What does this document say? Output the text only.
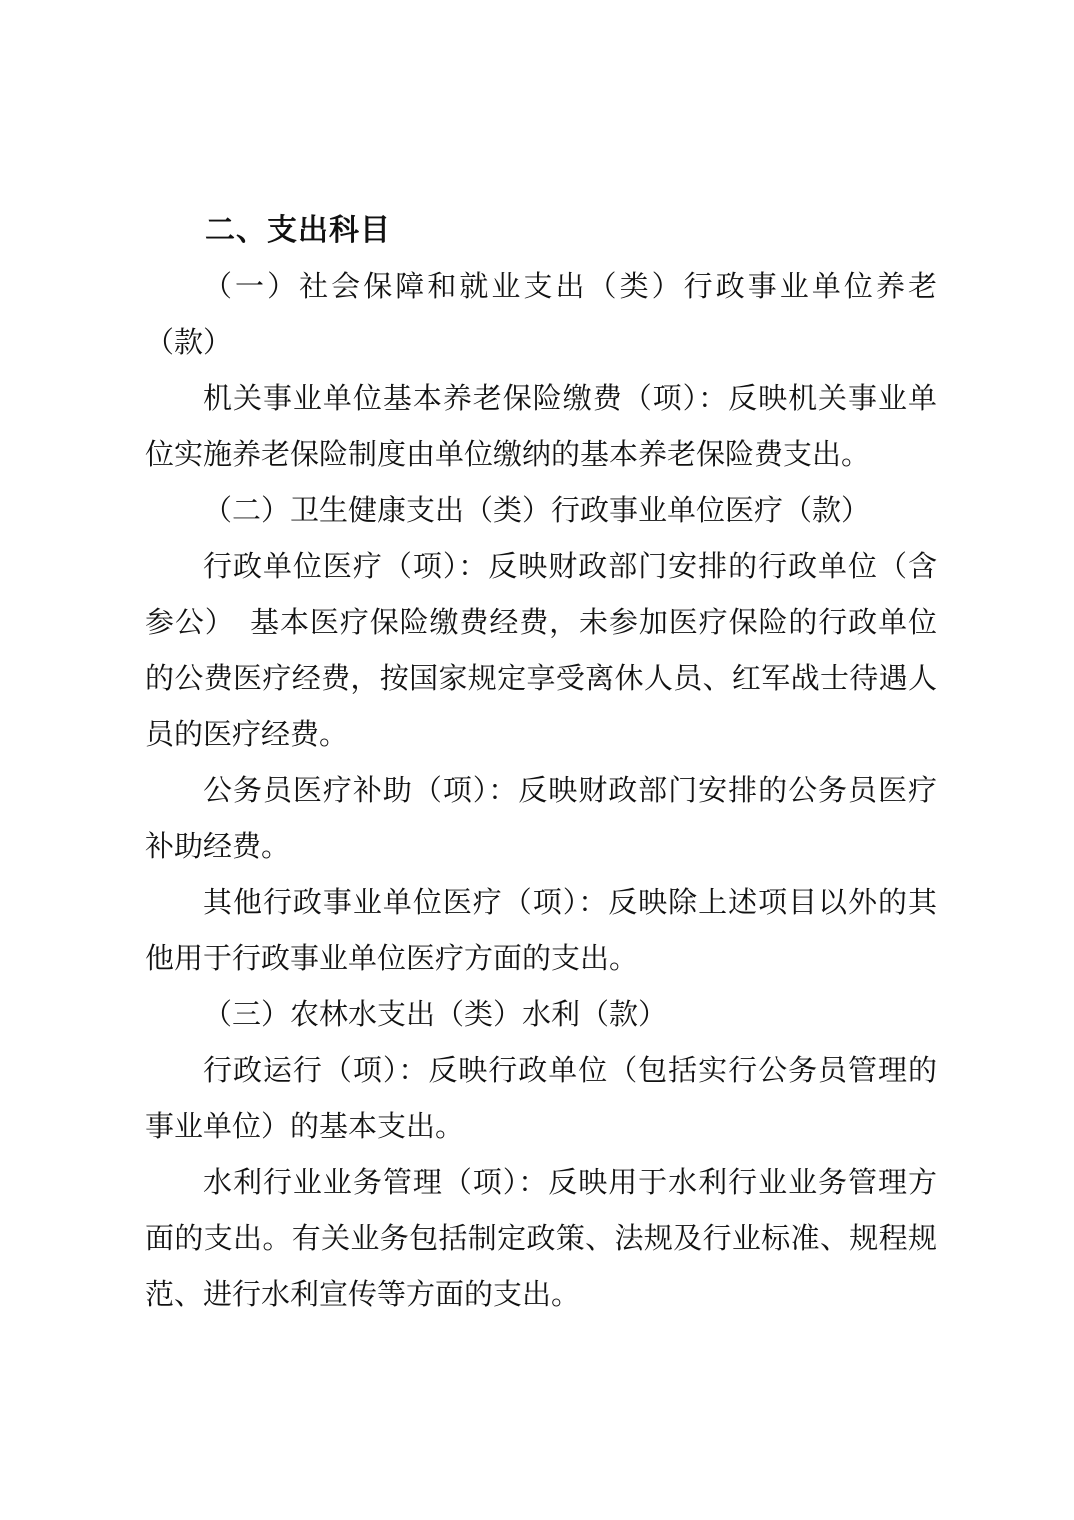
二、支出科目

（一）社会保障和就业支出（类）行政事业单位养老（款）

机关事业单位基本养老保险缴费（项）：反映机关事业单位实施养老保险制度由单位缴纳的基本养老保险费支出。

（二）卫生健康支出（类）行政事业单位医疗（款）

行政单位医疗（项）：反映财政部门安排的行政单位（含参公）　基本医疗保险缴费经费，未参加医疗保险的行政单位的公费医疗经费，按国家规定享受离休人员、红军战士待遇人员的医疗经费。

公务员医疗补助（项）：反映财政部门安排的公务员医疗补助经费。

其他行政事业单位医疗（项）：反映除上述项目以外的其他用于行政事业单位医疗方面的支出。

（三）农林水支出（类）水利（款）

行政运行（项）：反映行政单位（包括实行公务员管理的事业单位）的基本支出。

水利行业业务管理（项）：反映用于水利行业业务管理方面的支出。有关业务包括制定政策、法规及行业标准、规程规范、进行水利宣传等方面的支出。
